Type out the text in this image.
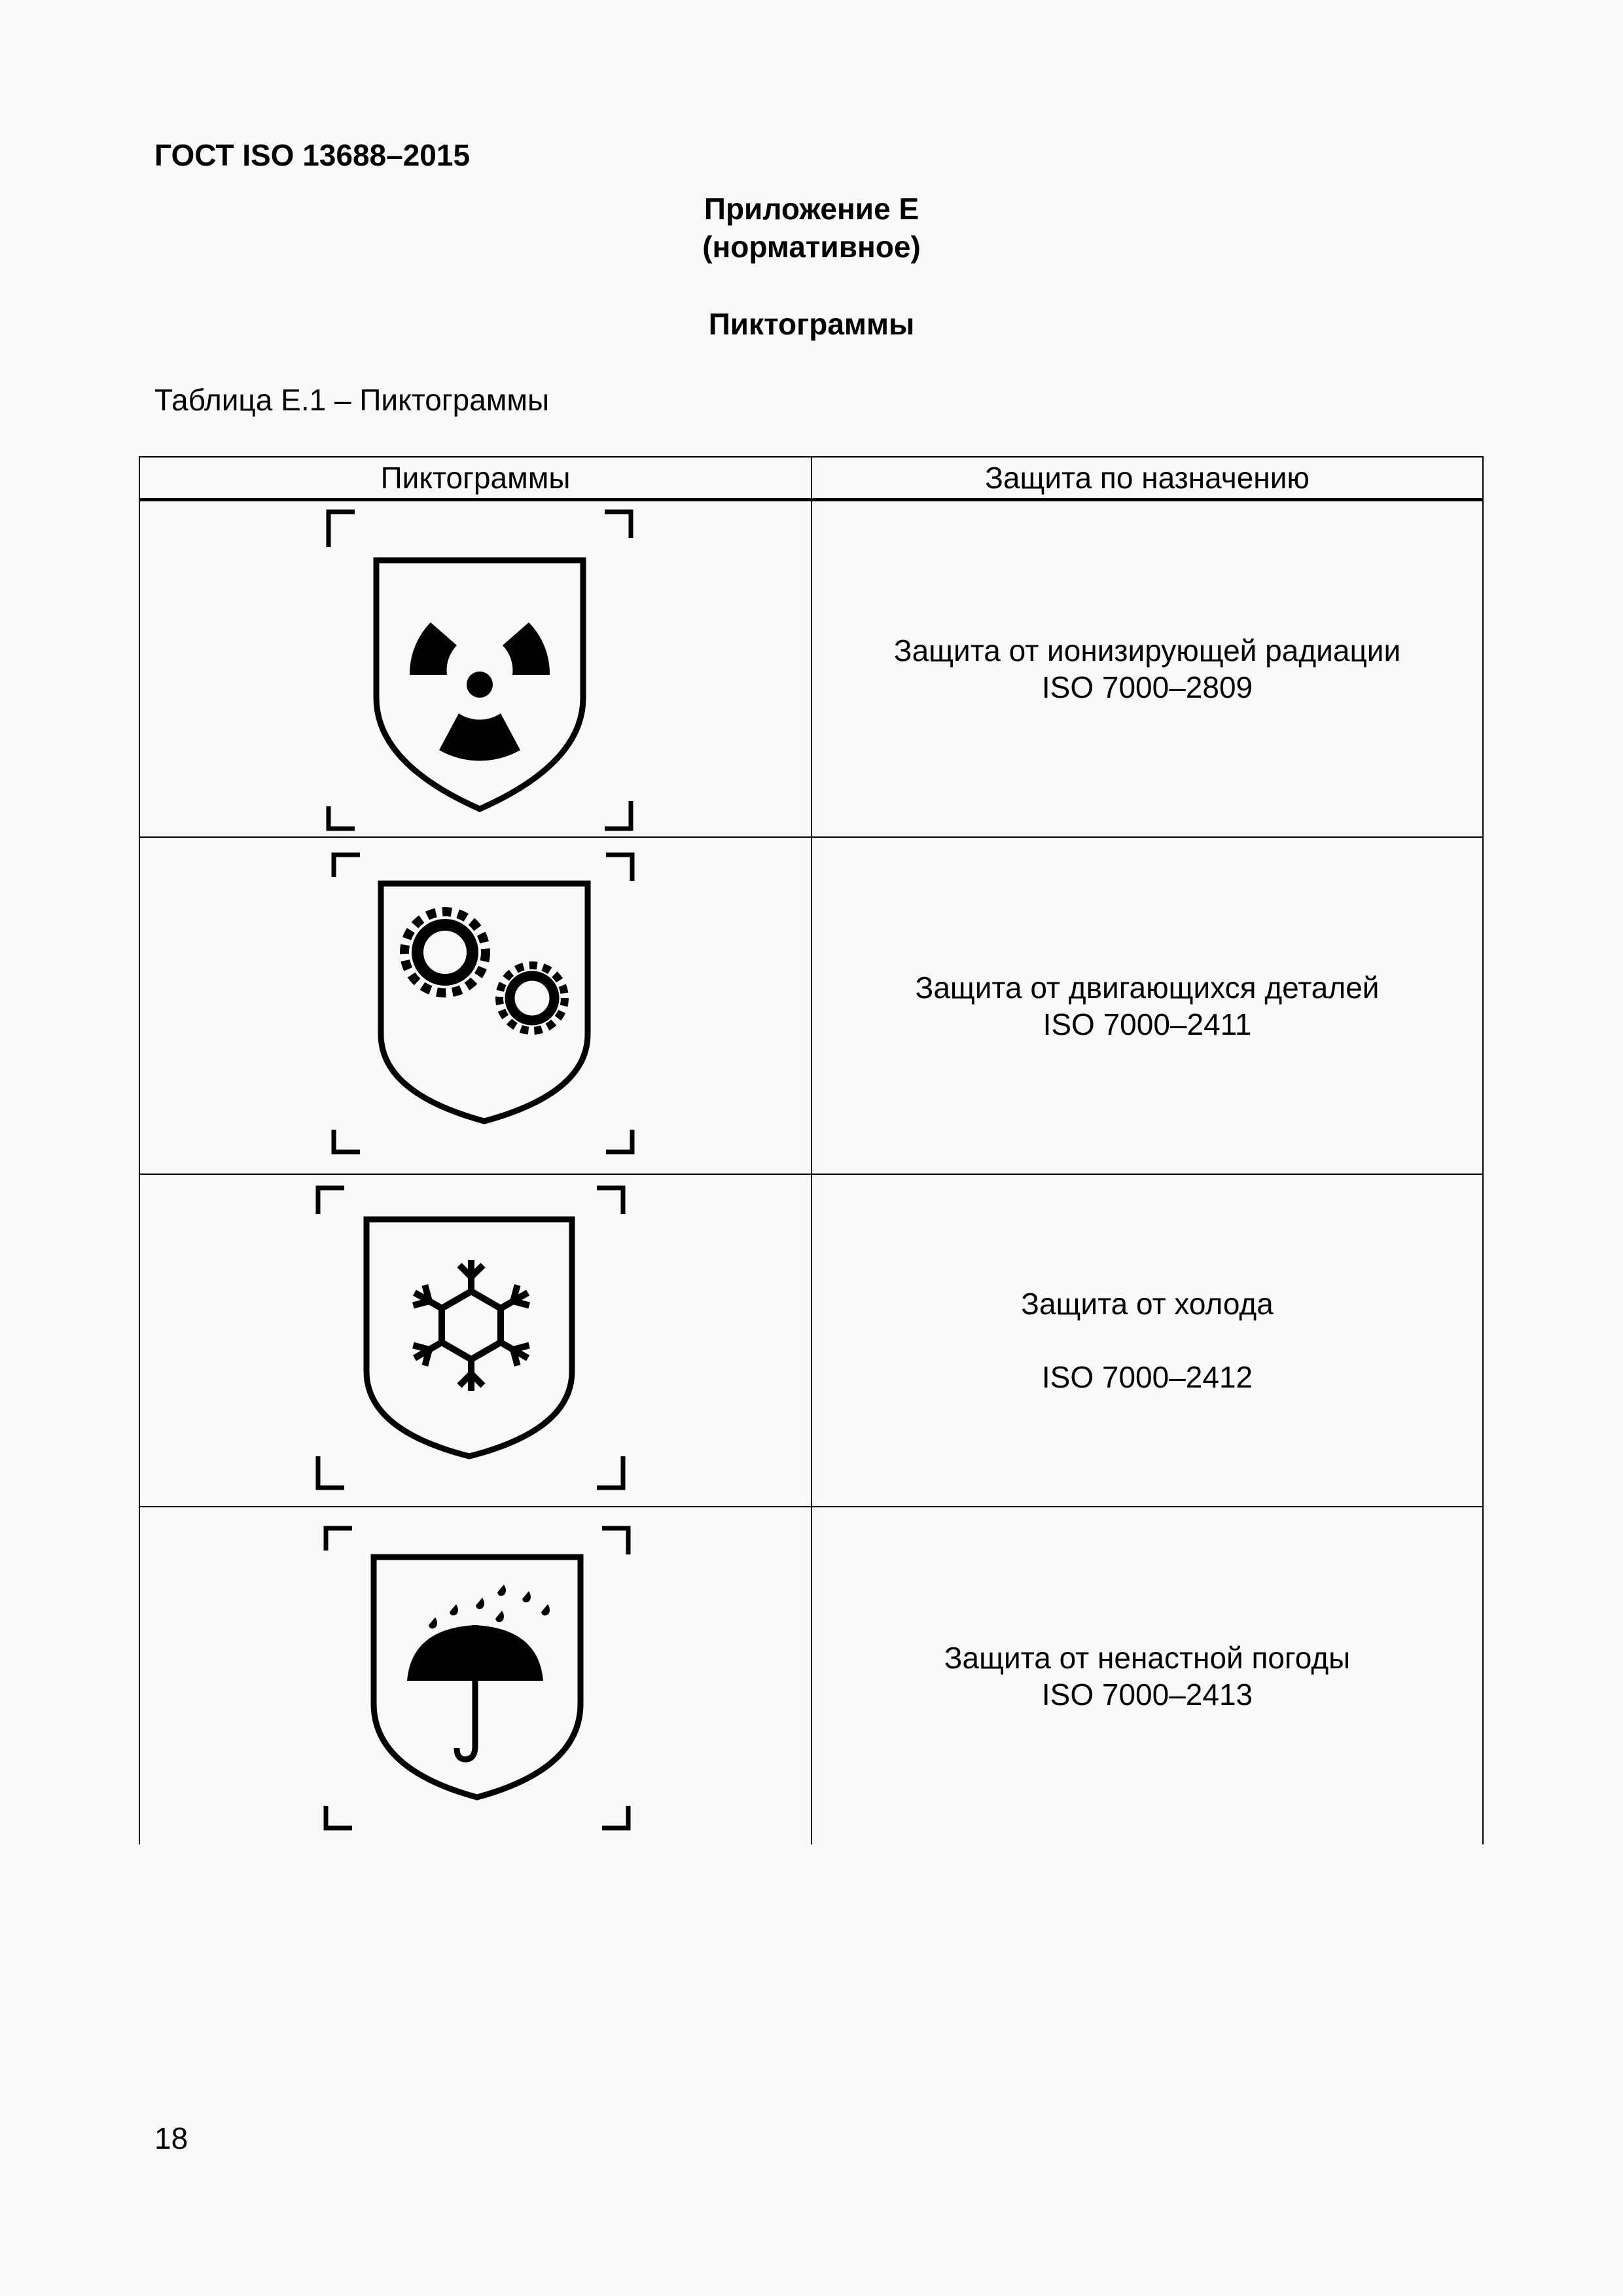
ГОСТ ISO 13688–2015
Приложение Е
(нормативное)
Пиктограммы
Таблица Е.1 – Пиктограммы
Пиктограммы	Защита по назначению
Защита от ионизирующей радиации
ISO 7000–2809
Защита от двигающихся деталей
ISO 7000–2411
Защита от холода
ISO 7000–2412
Защита от ненастной погоды
ISO 7000–2413
18
